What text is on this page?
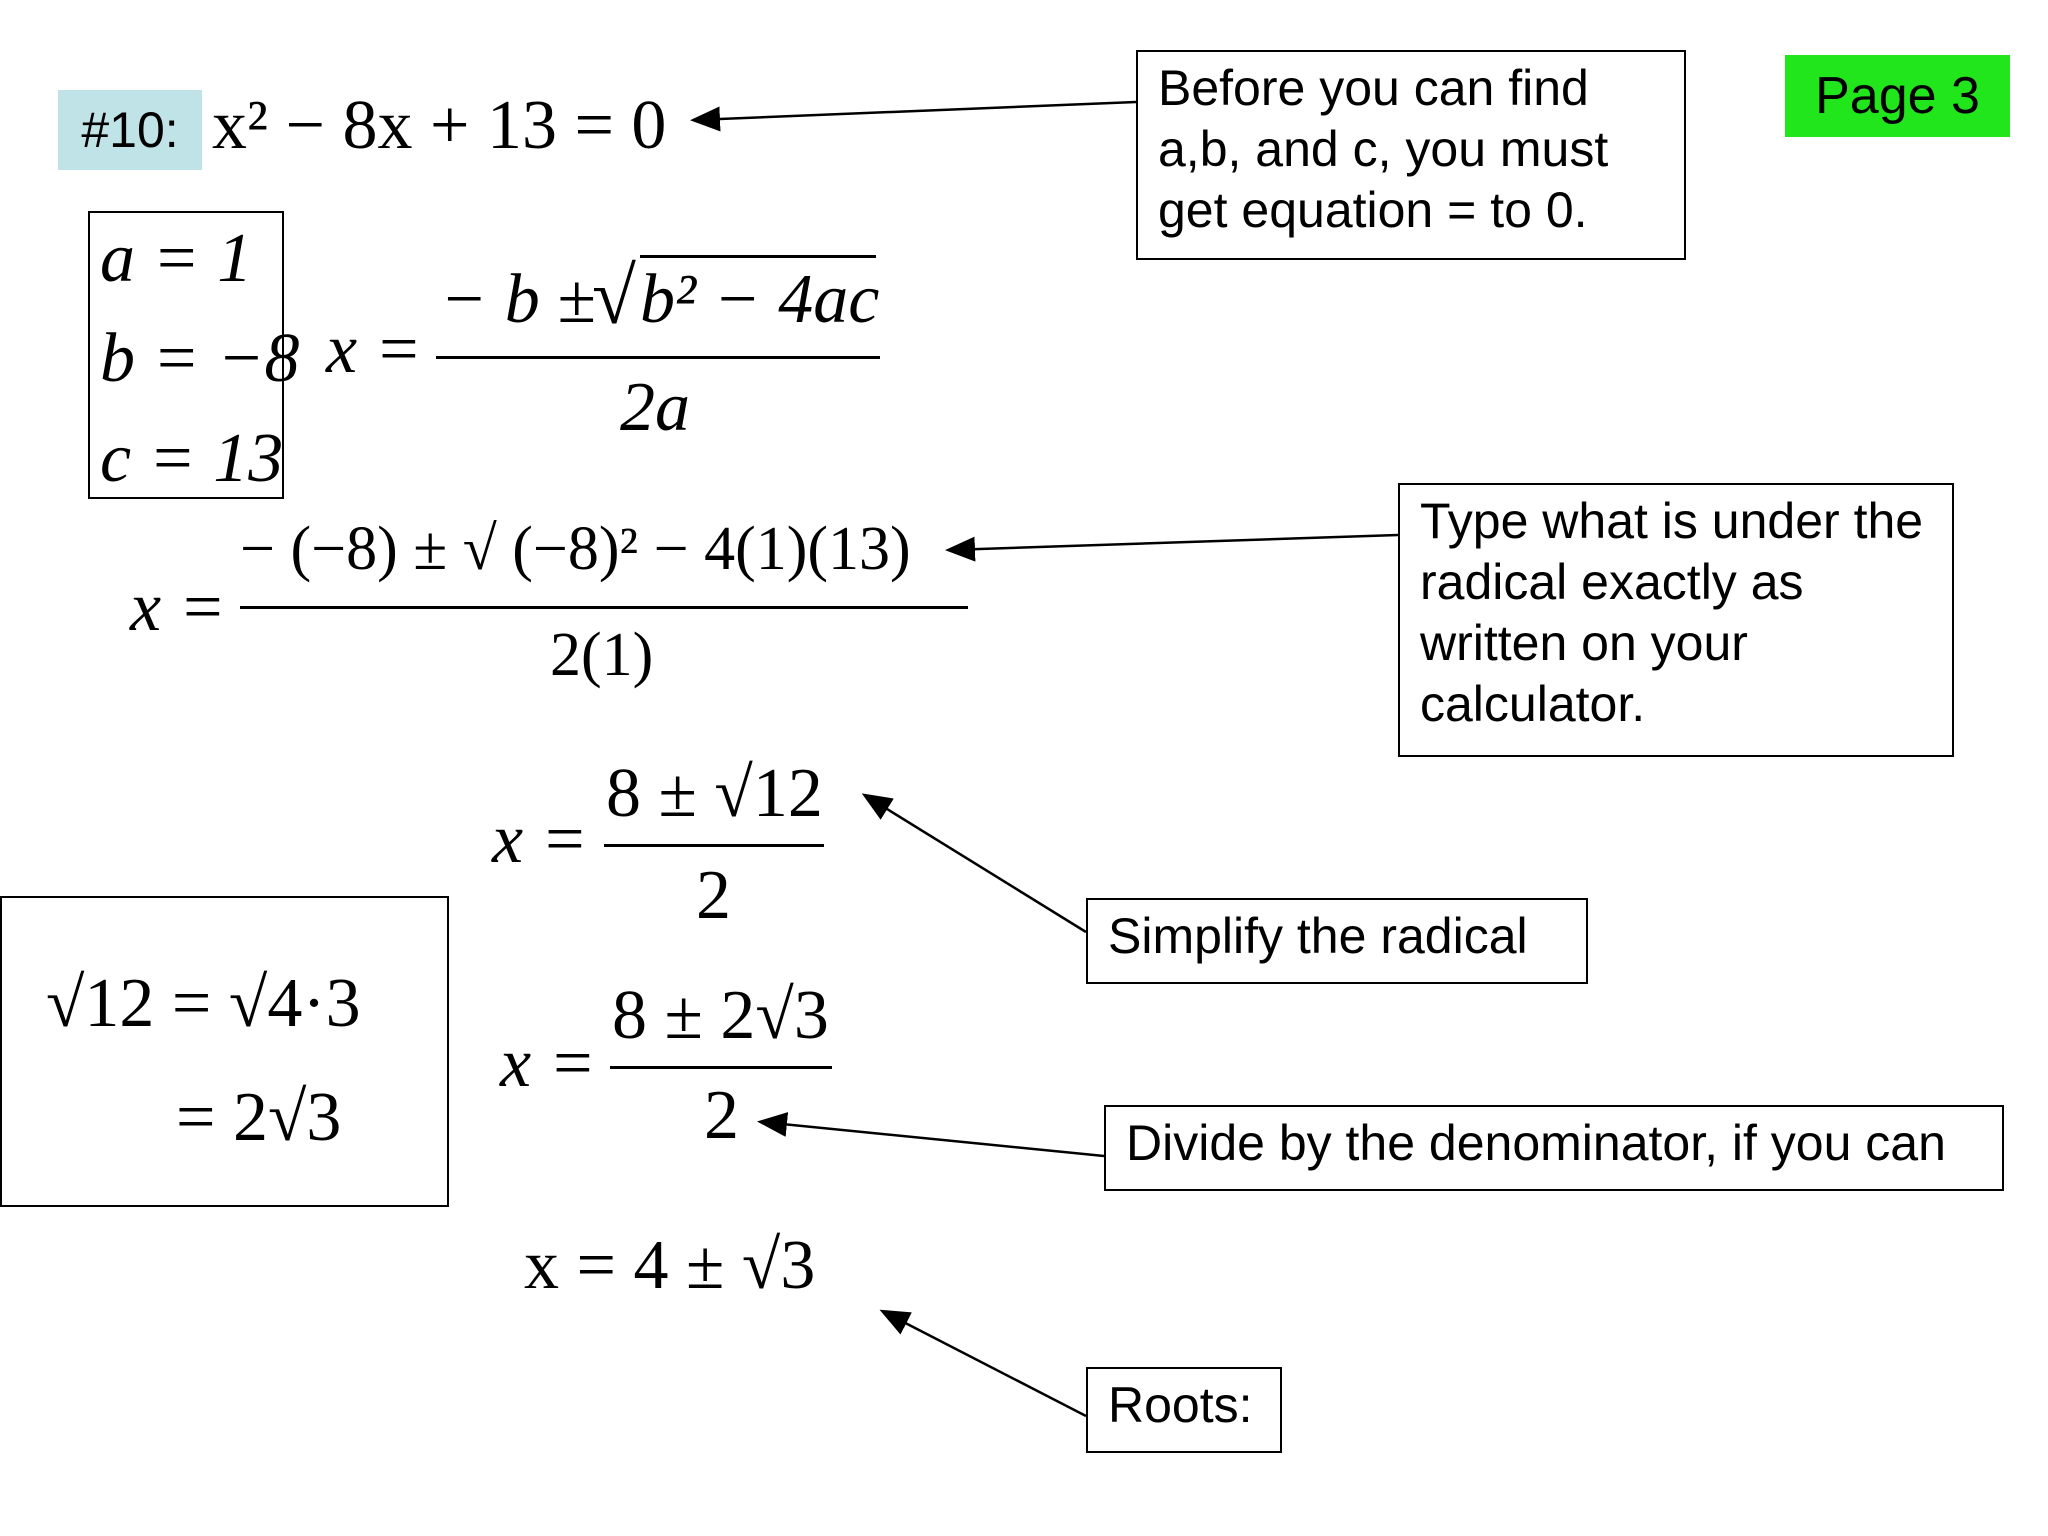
#10: x² − 8x + 13 = 0	Page 3
Before you can find a,b, and c, you must get equation = to 0.
a = 1
b = −8
c = 13
x =
− b ±
√ b² − 4ac
2a
x =
− (−8) ± √ (−8)² − 4(1)(13)
2(1)
Type what is under the radical exactly as written on your calculator.
x =
8 ± √12
2
Simplify the radical
√12 = √4·3
= 2√3
x =
8 ± 2√3
2	Divide by the denominator, if you can
x = 4 ± √3
Roots:
